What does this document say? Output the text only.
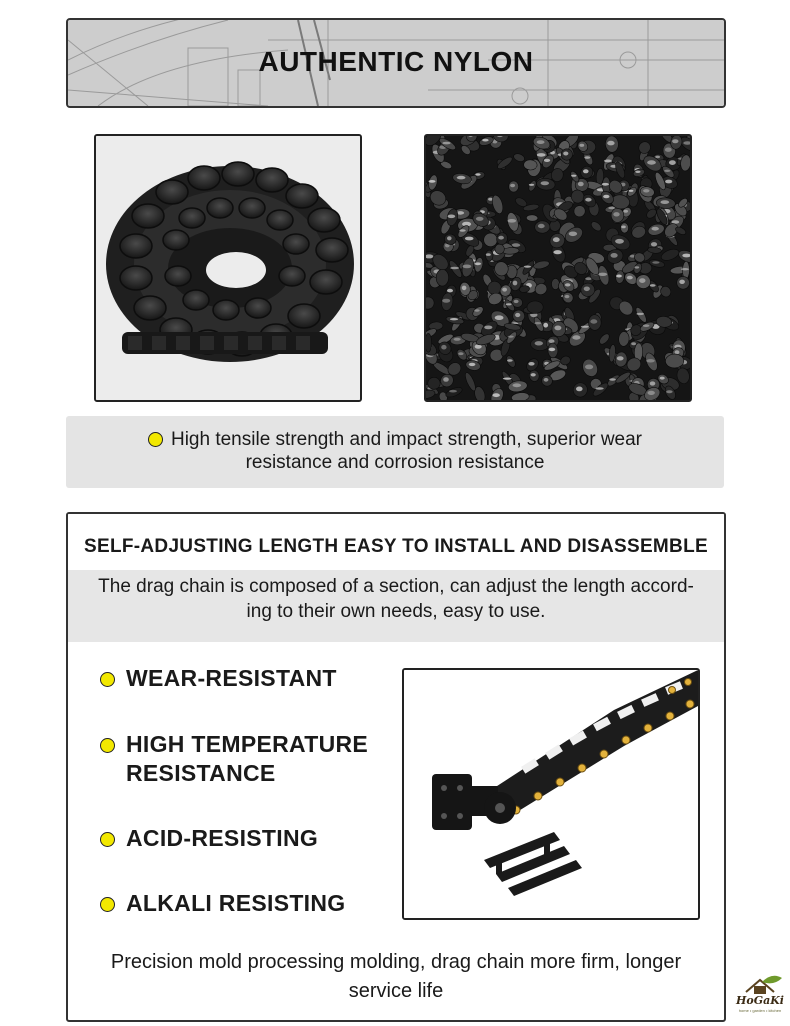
AUTHENTIC NYLON
High tensile strength and impact strength, superior wear
resistance and corrosion resistance
SELF-ADJUSTING LENGTH EASY TO INSTALL AND DISASSEMBLE
The drag chain is composed of a section, can adjust the length accord-
ing to their own needs, easy to use.
WEAR-RESISTANT
HIGH TEMPERATURE
RESISTANCE
ACID-RESISTING
ALKALI RESISTING
Precision mold processing molding, drag chain more firm, longer
service life	HoGaKi
home • garden • kitchen
